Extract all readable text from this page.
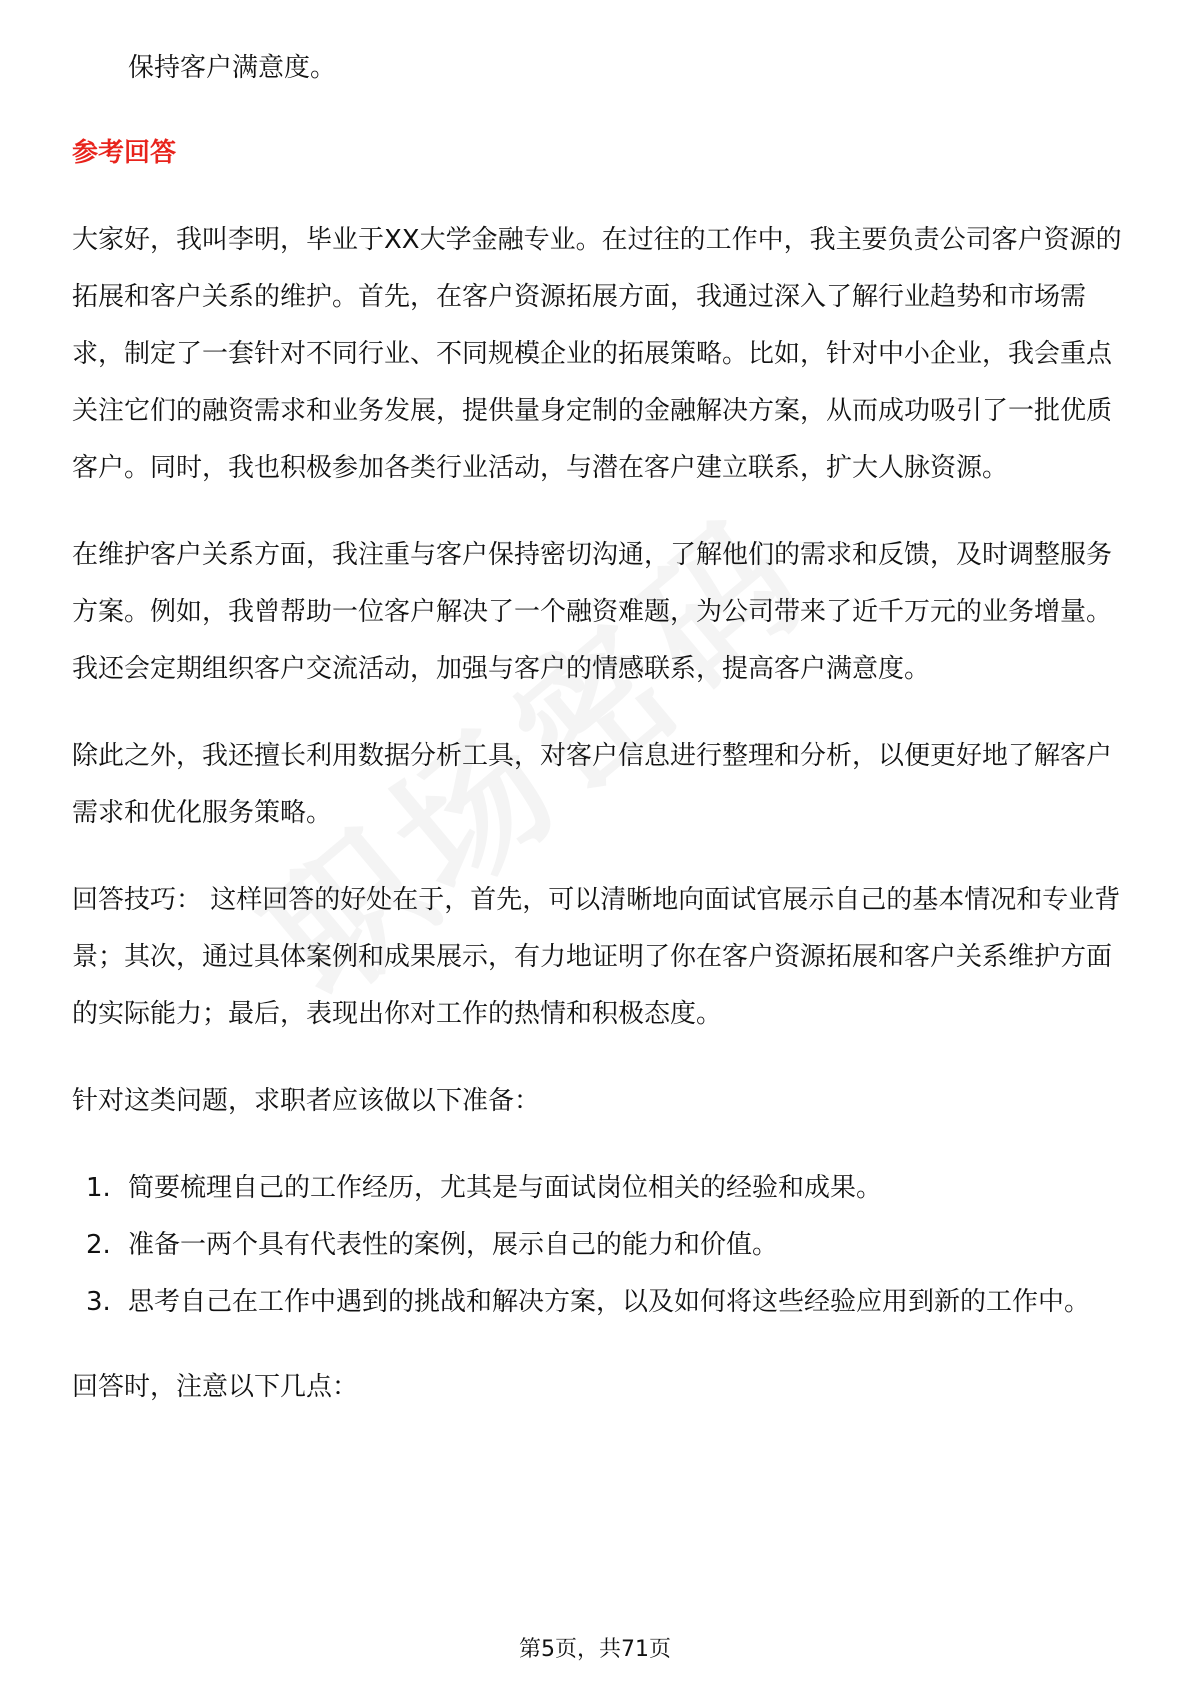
保持客户满意度。

参考回答

大家好，我叫李明，毕业于XX大学金融专业。在过往的工作中，我主要负责公司客户资源的拓展和客户关系的维护。首先，在客户资源拓展方面，我通过深入了解行业趋势和市场需求，制定了一套针对不同行业、不同规模企业的拓展策略。比如，针对中小企业，我会重点关注它们的融资需求和业务发展，提供量身定制的金融解决方案，从而成功吸引了一批优质客户。同时，我也积极参加各类行业活动，与潜在客户建立联系，扩大人脉资源。

在维护客户关系方面，我注重与客户保持密切沟通，了解他们的需求和反馈，及时调整服务方案。例如，我曾帮助一位客户解决了一个融资难题，为公司带来了近千万元的业务增量。我还会定期组织客户交流活动，加强与客户的情感联系，提高客户满意度。

除此之外，我还擅长利用数据分析工具，对客户信息进行整理和分析，以便更好地了解客户需求和优化服务策略。

回答技巧： 这样回答的好处在于，首先，可以清晰地向面试官展示自己的基本情况和专业背景；其次，通过具体案例和成果展示，有力地证明了你在客户资源拓展和客户关系维护方面的实际能力；最后，表现出你对工作的热情和积极态度。

针对这类问题，求职者应该做以下准备：

1. 简要梳理自己的工作经历，尤其是与面试岗位相关的经验和成果。
2. 准备一两个具有代表性的案例，展示自己的能力和价值。
3. 思考自己在工作中遇到的挑战和解决方案，以及如何将这些经验应用到新的工作中。

回答时，注意以下几点：

第5页，共71页
